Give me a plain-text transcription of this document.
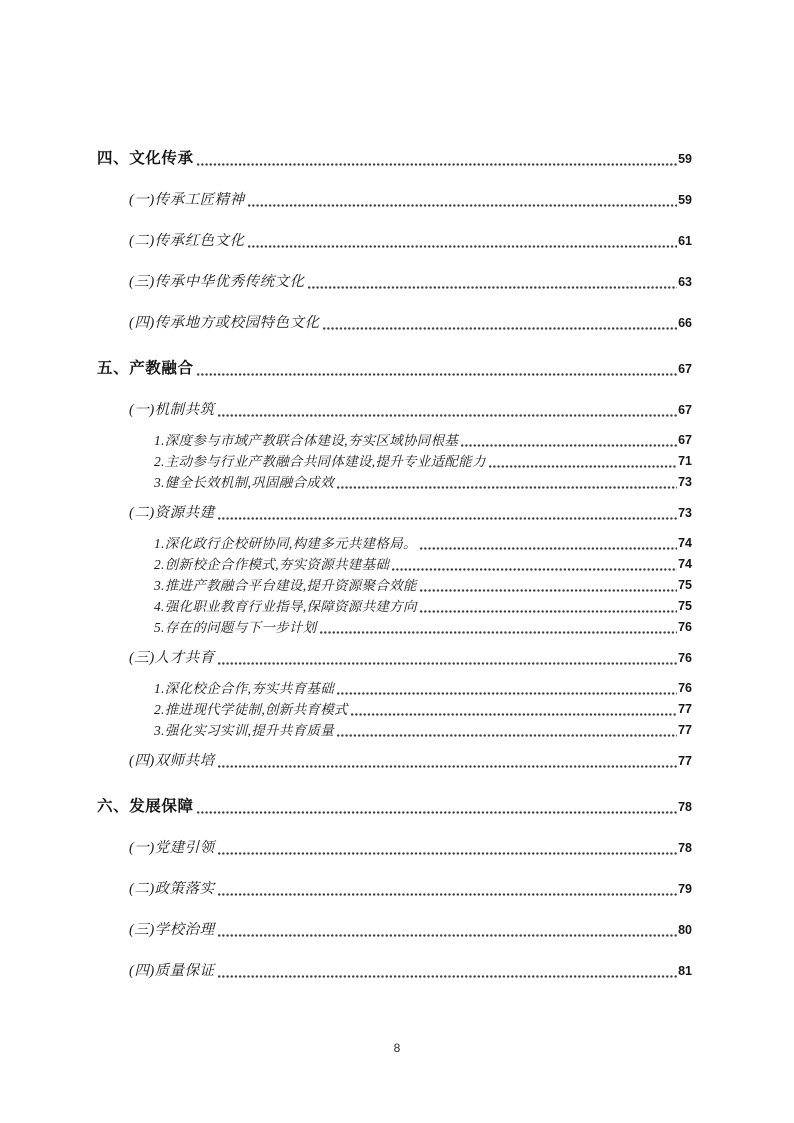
四、文化传承	59
(一)传承工匠精神	59
(二)传承红色文化	61
(三)传承中华优秀传统文化	63
(四)传承地方或校园特色文化	66
五、产教融合	67
(一)机制共筑	67
1.深度参与市域产教联合体建设,夯实区域协同根基	67
2.主动参与行业产教融合共同体建设,提升专业适配能力	71
3.健全长效机制,巩固融合成效	73
(二)资源共建	73
1.深化政行企校研协同,构建多元共建格局。	74
2.创新校企合作模式,夯实资源共建基础	74
3.推进产教融合平台建设,提升资源聚合效能	75
4.强化职业教育行业指导,保障资源共建方向	75
5.存在的问题与下一步计划	76
(三)人才共育	76
1.深化校企合作,夯实共育基础	76
2.推进现代学徒制,创新共育模式	77
3.强化实习实训,提升共育质量	77
(四)双师共培	77
六、发展保障	78
(一)党建引领	78
(二)政策落实	79
(三)学校治理	80
(四)质量保证	81
8
